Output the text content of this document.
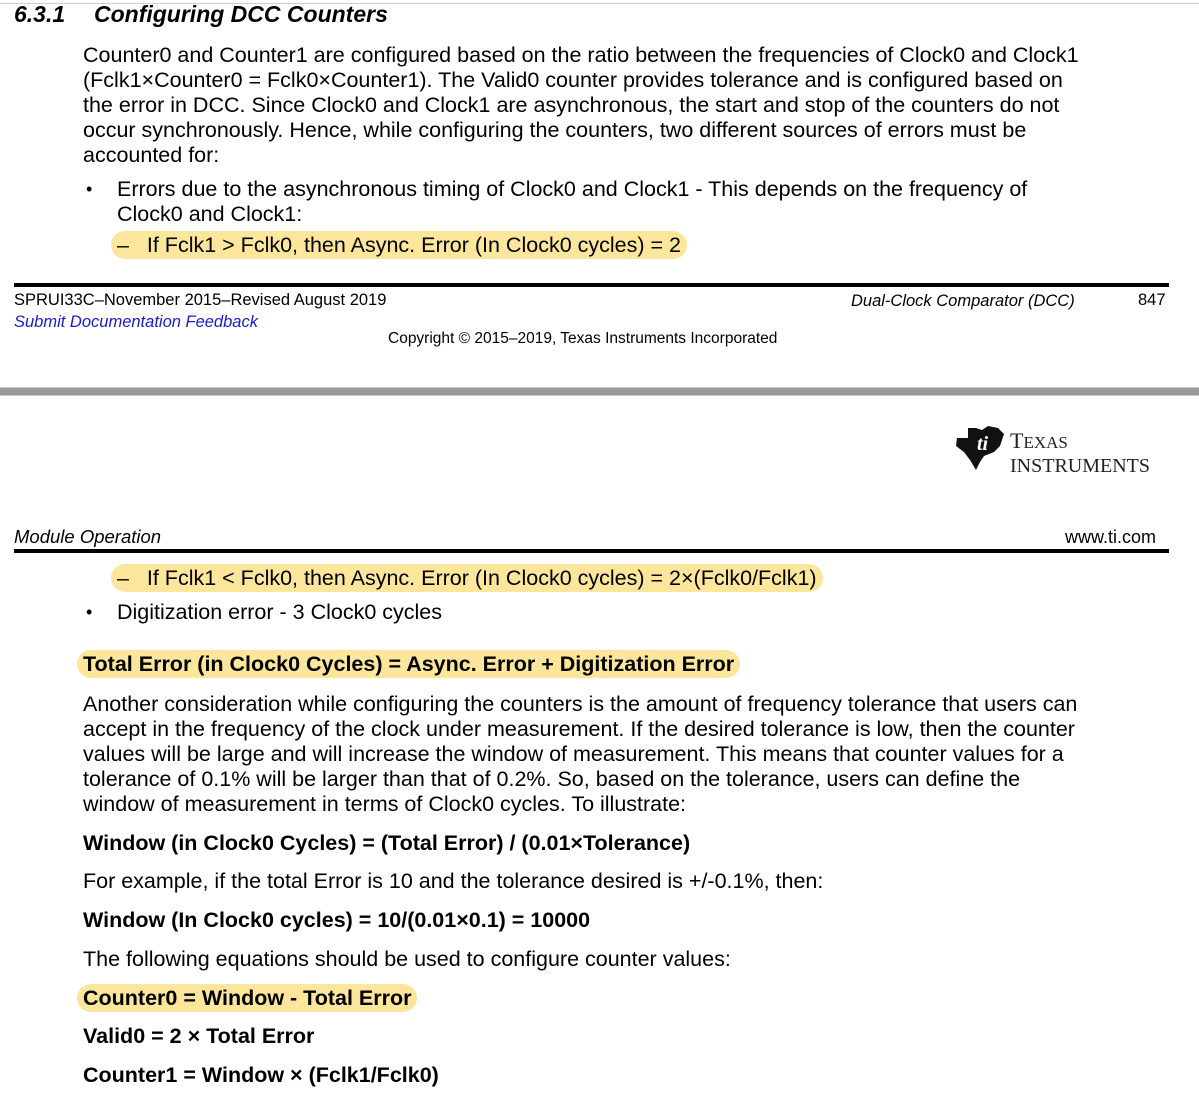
6.3.1 Configuring DCC Counters
Counter0 and Counter1 are configured based on the ratio between the frequencies of Clock0 and Clock1
(Fclk1×Counter0 = Fclk0×Counter1). The Valid0 counter provides tolerance and is configured based on
the error in DCC. Since Clock0 and Clock1 are asynchronous, the start and stop of the counters do not
occur synchronously. Hence, while configuring the counters, two different sources of errors must be
accounted for:
• Errors due to the asynchronous timing of Clock0 and Clock1 - This depends on the frequency of
Clock0 and Clock1:
– If Fclk1 > Fclk0, then Async. Error (In Clock0 cycles) = 2
SPRUI33C–November 2015–Revised August 2019
Submit Documentation Feedback
Dual-Clock Comparator (DCC)	847
Copyright © 2015–2019, Texas Instruments Incorporated
ti TEXAS
INSTRUMENTS
Module Operation	www.ti.com
– If Fclk1 < Fclk0, then Async. Error (In Clock0 cycles) = 2×(Fclk0/Fclk1)
• Digitization error - 3 Clock0 cycles
Total Error (in Clock0 Cycles) = Async. Error + Digitization Error
Another consideration while configuring the counters is the amount of frequency tolerance that users can
accept in the frequency of the clock under measurement. If the desired tolerance is low, then the counter
values will be large and will increase the window of measurement. This means that counter values for a
tolerance of 0.1% will be larger than that of 0.2%. So, based on the tolerance, users can define the
window of measurement in terms of Clock0 cycles. To illustrate:
Window (in Clock0 Cycles) = (Total Error) / (0.01×Tolerance)
For example, if the total Error is 10 and the tolerance desired is +/-0.1%, then:
Window (In Clock0 cycles) = 10/(0.01×0.1) = 10000
The following equations should be used to configure counter values:
Counter0 = Window - Total Error
Valid0 = 2 × Total Error
Counter1 = Window × (Fclk1/Fclk0)
